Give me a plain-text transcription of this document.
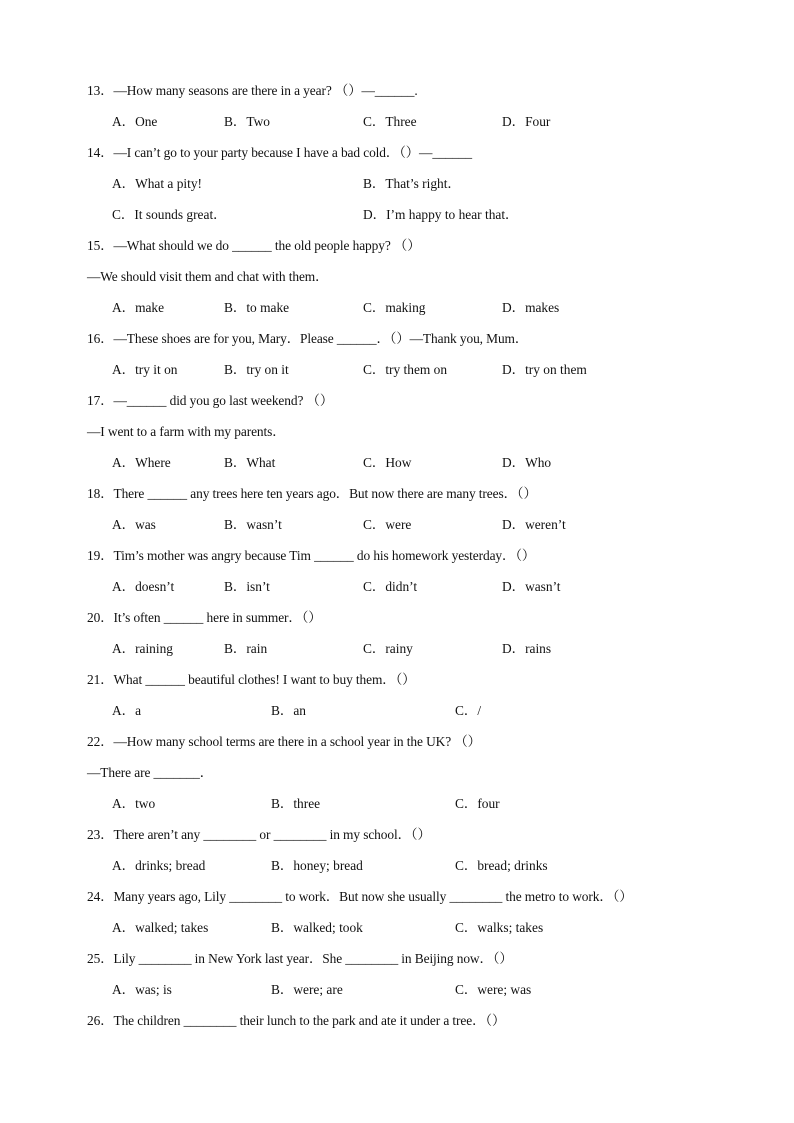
13．—How many seasons are there in a year? （）—______.
A．One	B．Two	C．Three	D．Four
14．—I can’t go to your party because I have a bad cold．（）—______
A．What a pity!	B．That’s right．
C．It sounds great．	D．I’m happy to hear that．
15．—What should we do ______ the old people happy? （）
—We should visit them and chat with them．
A．make	B．to make	C．making	D．makes
16．—These shoes are for you, Mary．Please ______．（）—Thank you, Mum．
A．try it on	B．try on it	C．try them on	D．try on them
17．—______ did you go last weekend? （）
—I went to a farm with my parents．
A．Where	B．What	C．How	D．Who
18．There ______ any trees here ten years ago．But now there are many trees．（）
A．was	B．wasn’t	C．were	D．weren’t
19．Tim’s mother was angry because Tim ______ do his homework yesterday．（）
A．doesn’t	B．isn’t	C．didn’t	D．wasn’t
20．It’s often ______ here in summer．（）
A．raining	B．rain	C．rainy	D．rains
21．What ______ beautiful clothes! I want to buy them．（）
A．a	B．an	C．/
22．—How many school terms are there in a school year in the UK? （）
—There are _______．
A．two	B．three	C．four
23．There aren’t any ________ or ________ in my school．（）
A．drinks; bread	B．honey; bread	C．bread; drinks
24．Many years ago, Lily ________ to work．But now she usually ________ the metro to work．（）
A．walked; takes	B．walked; took	C．walks; takes
25．Lily ________ in New York last year．She ________ in Beijing now．（）
A．was; is	B．were; are	C．were; was
26．The children ________ their lunch to the park and ate it under a tree．（）
